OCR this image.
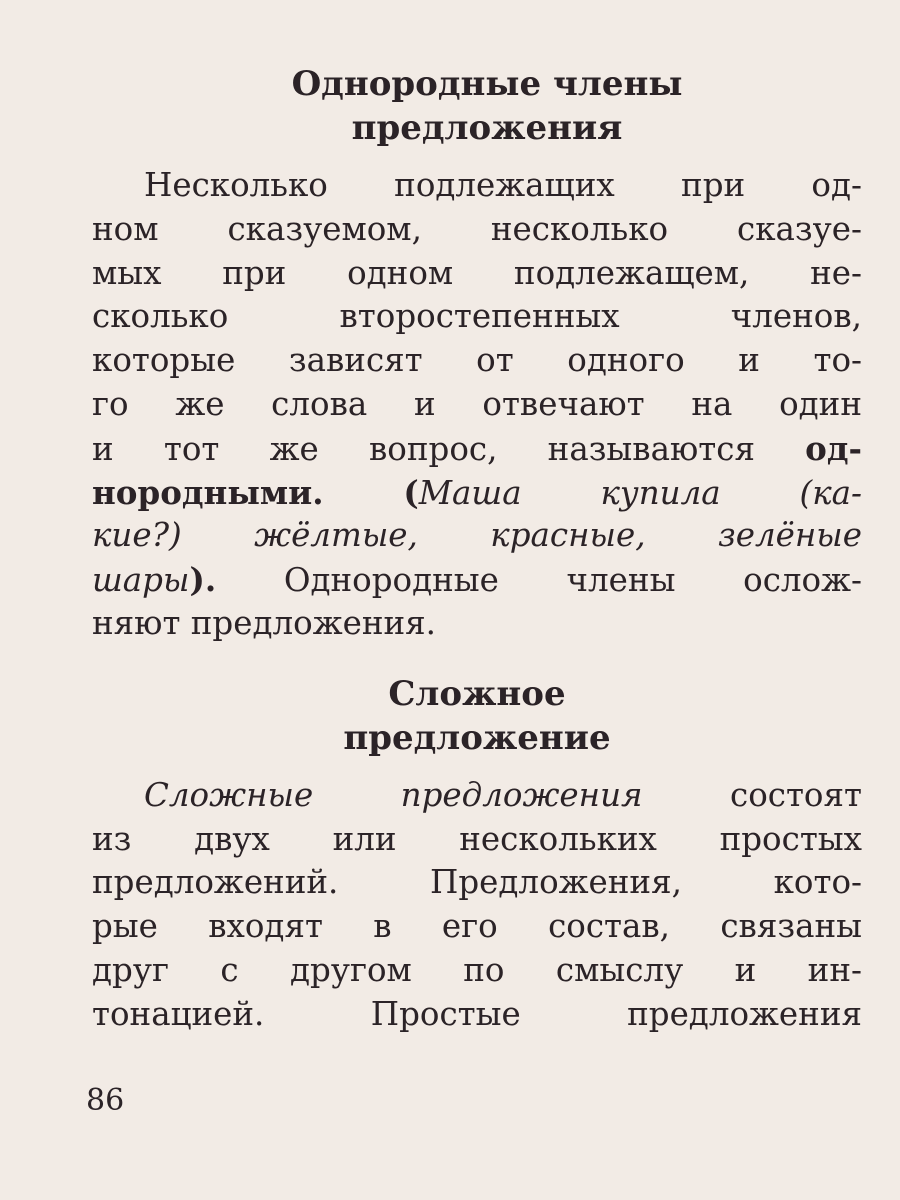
Однородные члены
предложения
Несколько подлежащих при од-
ном сказуемом, несколько сказуе-
мых при одном подлежащем, не-
сколько второстепенных членов,
которые зависят от одного и то-
го же слова и отвечают на один
и тот же вопрос, называются од-
нородными. (Маша купила (ка-
кие?) жёлтые, красные, зелёные
шары). Однородные члены ослож-
няют предложения.
Сложное
предложение
Сложные предложения состоят
из двух или нескольких простых
предложений. Предложения, кото-
рые входят в его состав, связаны
друг с другом по смыслу и ин-
тонацией. Простые предложения
86
